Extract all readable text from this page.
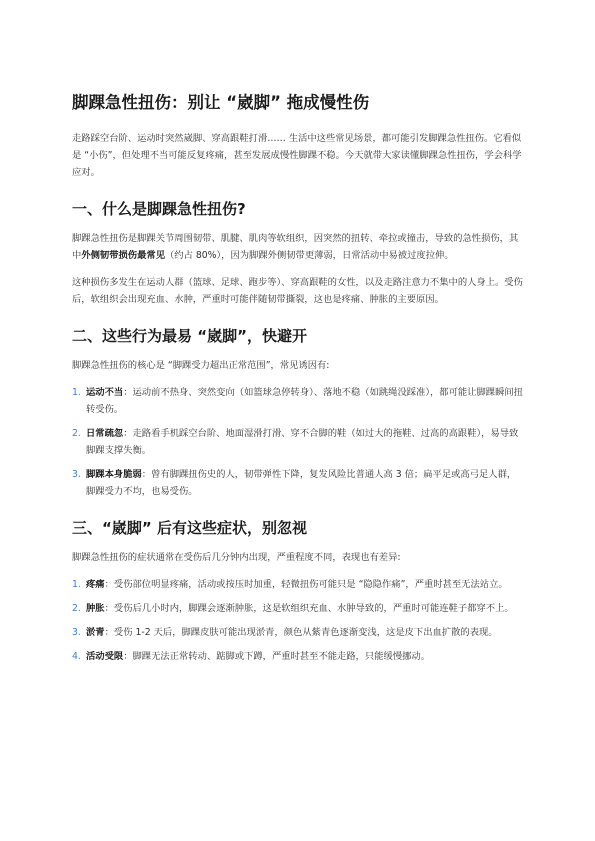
脚踝急性扭伤：别让 “崴脚” 拖成慢性伤

走路踩空台阶、运动时突然崴脚、穿高跟鞋打滑…… 生活中这些常见场景，都可能引发脚踝急性扭伤。它看似是 “小伤”，但处理不当可能反复疼痛，甚至发展成慢性脚踝不稳。今天就带大家读懂脚踝急性扭伤，学会科学应对。

一、什么是脚踝急性扭伤?

脚踝急性扭伤是脚踝关节周围韧带、肌腱、肌肉等软组织，因突然的扭转、牵拉或撞击，导致的急性损伤，其中外侧韧带损伤最常见（约占 80%），因为脚踝外侧韧带更薄弱，日常活动中易被过度拉伸。

这种损伤多发生在运动人群（篮球、足球、跑步等）、穿高跟鞋的女性，以及走路注意力不集中的人身上。受伤后，软组织会出现充血、水肿，严重时可能伴随韧带撕裂，这也是疼痛、肿胀的主要原因。

二、这些行为最易 “崴脚”，快避开

脚踝急性扭伤的核心是 “脚踝受力超出正常范围”，常见诱因有:

1. 运动不当：运动前不热身、突然变向（如篮球急停转身）、落地不稳（如跳绳没踩准），都可能让脚踝瞬间扭转受伤。
2. 日常疏忽：走路看手机踩空台阶、地面湿滑打滑、穿不合脚的鞋（如过大的拖鞋、过高的高跟鞋），易导致脚踝支撑失衡。
3. 脚踝本身脆弱：曾有脚踝扭伤史的人，韧带弹性下降，复发风险比普通人高 3 倍；扁平足或高弓足人群，脚踝受力不均，也易受伤。
三、“崴脚” 后有这些症状，别忽视

脚踝急性扭伤的症状通常在受伤后几分钟内出现，严重程度不同，表现也有差异:

1. 疼痛：受伤部位明显疼痛，活动或按压时加重，轻微扭伤可能只是 “隐隐作痛”，严重时甚至无法站立。
2. 肿胀：受伤后几小时内，脚踝会逐渐肿胀，这是软组织充血、水肿导致的，严重时可能连鞋子都穿不上。
3. 淤青：受伤 1-2 天后，脚踝皮肤可能出现淤青，颜色从紫青色逐渐变浅，这是皮下出血扩散的表现。
4. 活动受限：脚踝无法正常转动、踮脚或下蹲，严重时甚至不能走路，只能缓慢挪动。
